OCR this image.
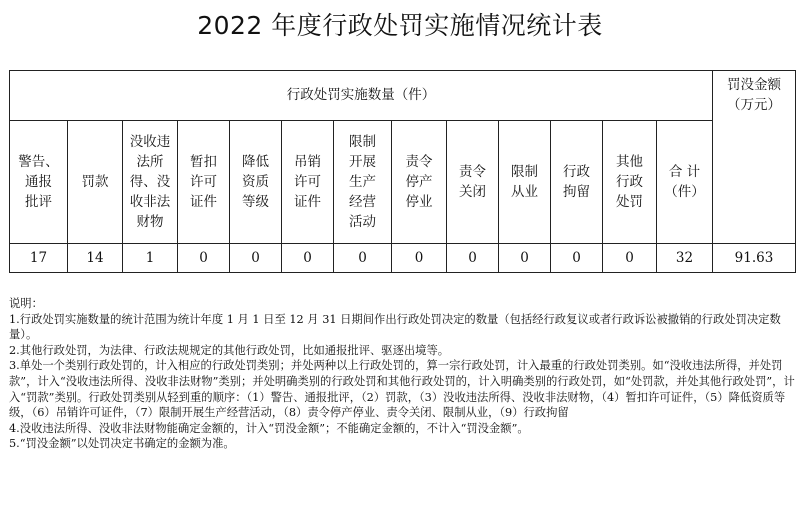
2022 年度行政处罚实施情况统计表
行政处罚实施数量（件）													罚没金额
（万元）
警告、
通报
批评	罚款	没收违
法所
得、没
收非法
财物	暂扣
许可
证件	降低
资质
等级	吊销
许可
证件	限制
开展
生产
经营
活动	责令
停产
停业	责令
关闭	限制
从业	行政
拘留	其他
行政
处罚	合 计
（件）	
17	14	1	0	0	0	0	0	0	0	0	0	32	91.63

说明：

1.行政处罚实施数量的统计范围为统计年度 1 月 1 日至 12 月 31 日期间作出行政处罚决定的数量（包括经行政复议或者行政诉讼被撤销的行政处罚决定数量）。

2.其他行政处罚，为法律、行政法规规定的其他行政处罚，比如通报批评、驱逐出境等。

3.单处一个类别行政处罚的，计入相应的行政处罚类别；并处两种以上行政处罚的，算一宗行政处罚，计入最重的行政处罚类别。如“没收违法所得，并处罚款”，计入“没收违法所得、没收非法财物”类别；并处明确类别的行政处罚和其他行政处罚的，计入明确类别的行政处罚，如“处罚款，并处其他行政处罚”，计入“罚款”类别。行政处罚类别从轻到重的顺序：（1）警告、通报批评，（2）罚款，（3）没收违法所得、没收非法财物，（4）暂扣许可证件，（5）降低资质等级，（6）吊销许可证件，（7）限制开展生产经营活动，（8）责令停产停业、责令关闭、限制从业，（9）行政拘留

4.没收违法所得、没收非法财物能确定金额的，计入“罚没金额”；不能确定金额的，不计入“罚没金额”。

5.“罚没金额”以处罚决定书确定的金额为准。
